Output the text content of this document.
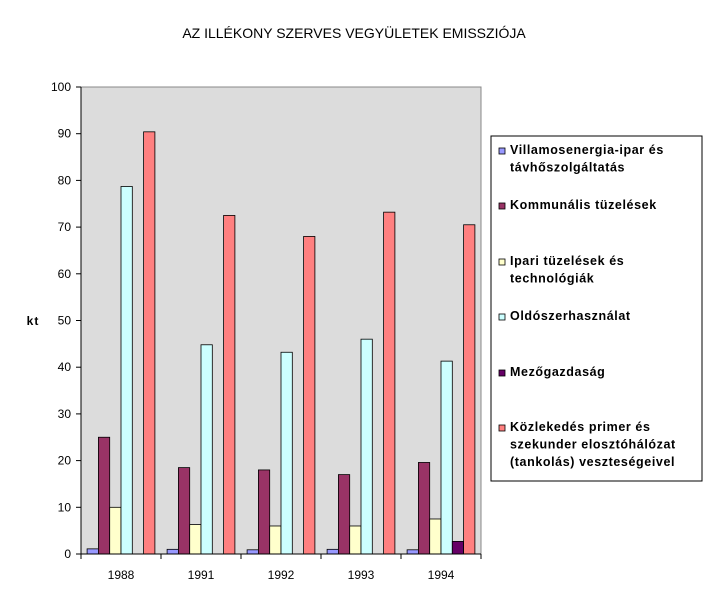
AZ ILLÉKONY SZERVES VEGYÜLETEK EMISSZIÓJA
0
10
20
30
40
50
60
70
80
90
100
1988	1991	1992	1993	1994
kt
Villamosenergia-ipar és
távhőszolgáltatás
Kommunális tüzelések
Ipari tüzelések és
technológiák
Oldószerhasználat
Mezőgazdaság
Közlekedés primer és
szekunder elosztóhálózat
(tankolás) veszteségeivel
